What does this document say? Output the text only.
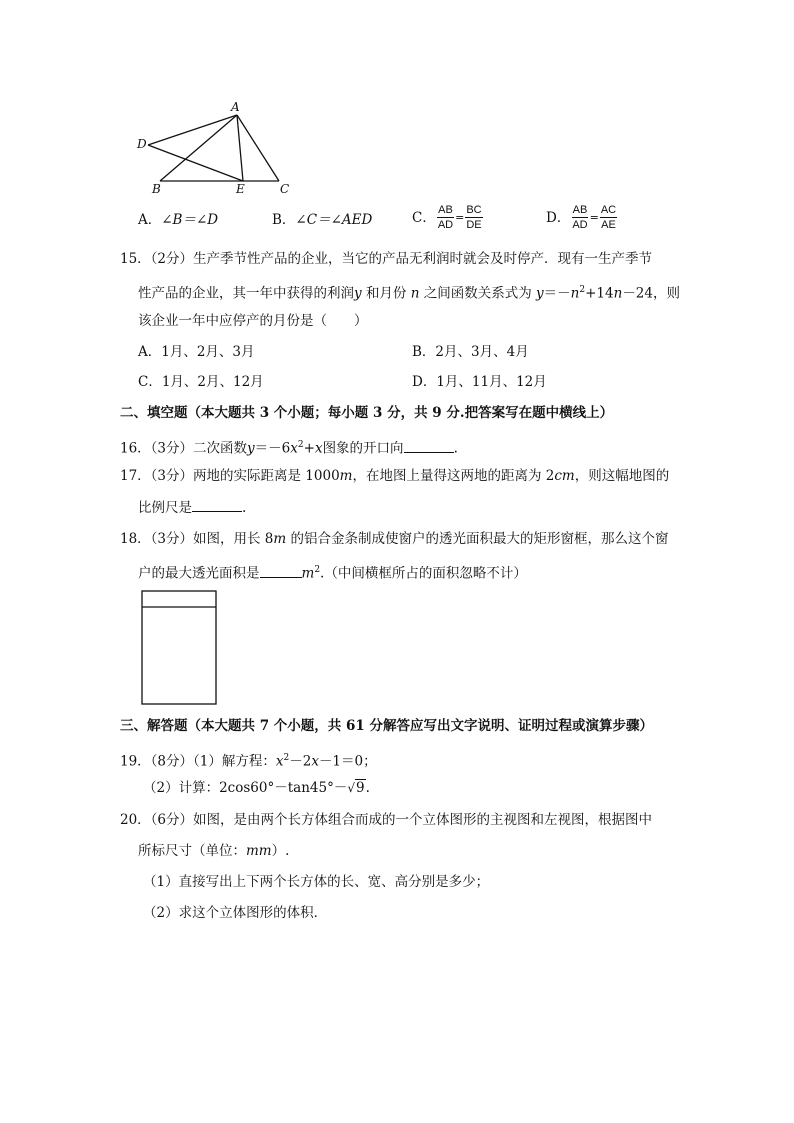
A
B	C
D
E
A． ∠B＝∠D	B． ∠C＝∠AED	C． $\frac{AB}{AD} = \frac{BC}{DE}$	D． $\frac{AB}{AD} = \frac{AC}{AE}$
15．（2分）生产季节性产品的企业，当它的产品无利润时就会及时停产．现有一生产季节
性产品的企业，其一年中获得的利润y 和月份 n 之间函数关系式为 $y=-n^2+14n-24$，则
该企业一年中应停产的月份是（　　）
A．1月、2月、3月	B．2月、3月、4月
C．1月、2月、12月	D．1月、11月、12月
二、填空题（本大题共 3 个小题；每小题 3 分，共 9 分.把答案写在题中横线上）
16．（3分）二次函数$y=-6x^2+x$图象的开口向	.
17．（3分）两地的实际距离是 1000m，在地图上量得这两地的距离为 2cm，则这幅地图的
比例尺是	.
18．（3分）如图，用长 8m 的铝合金条制成使窗户的透光面积最大的矩形窗框，那么这个窗
户的最大透光面积是	$m^2$.（中间横框所占的面积忽略不计）
三、解答题（本大题共 7 个小题，共 61 分解答应写出文字说明、证明过程或演算步骤）
19．（8分）（1）解方程：$x^2-2x-1=0$；
（2）计算：2cos60°－tan45°－√9.
20．（6分）如图，是由两个长方体组合而成的一个立体图形的主视图和左视图，根据图中
所标尺寸（单位：mm）.
（1）直接写出上下两个长方体的长、宽、高分别是多少；
（2）求这个立体图形的体积．
